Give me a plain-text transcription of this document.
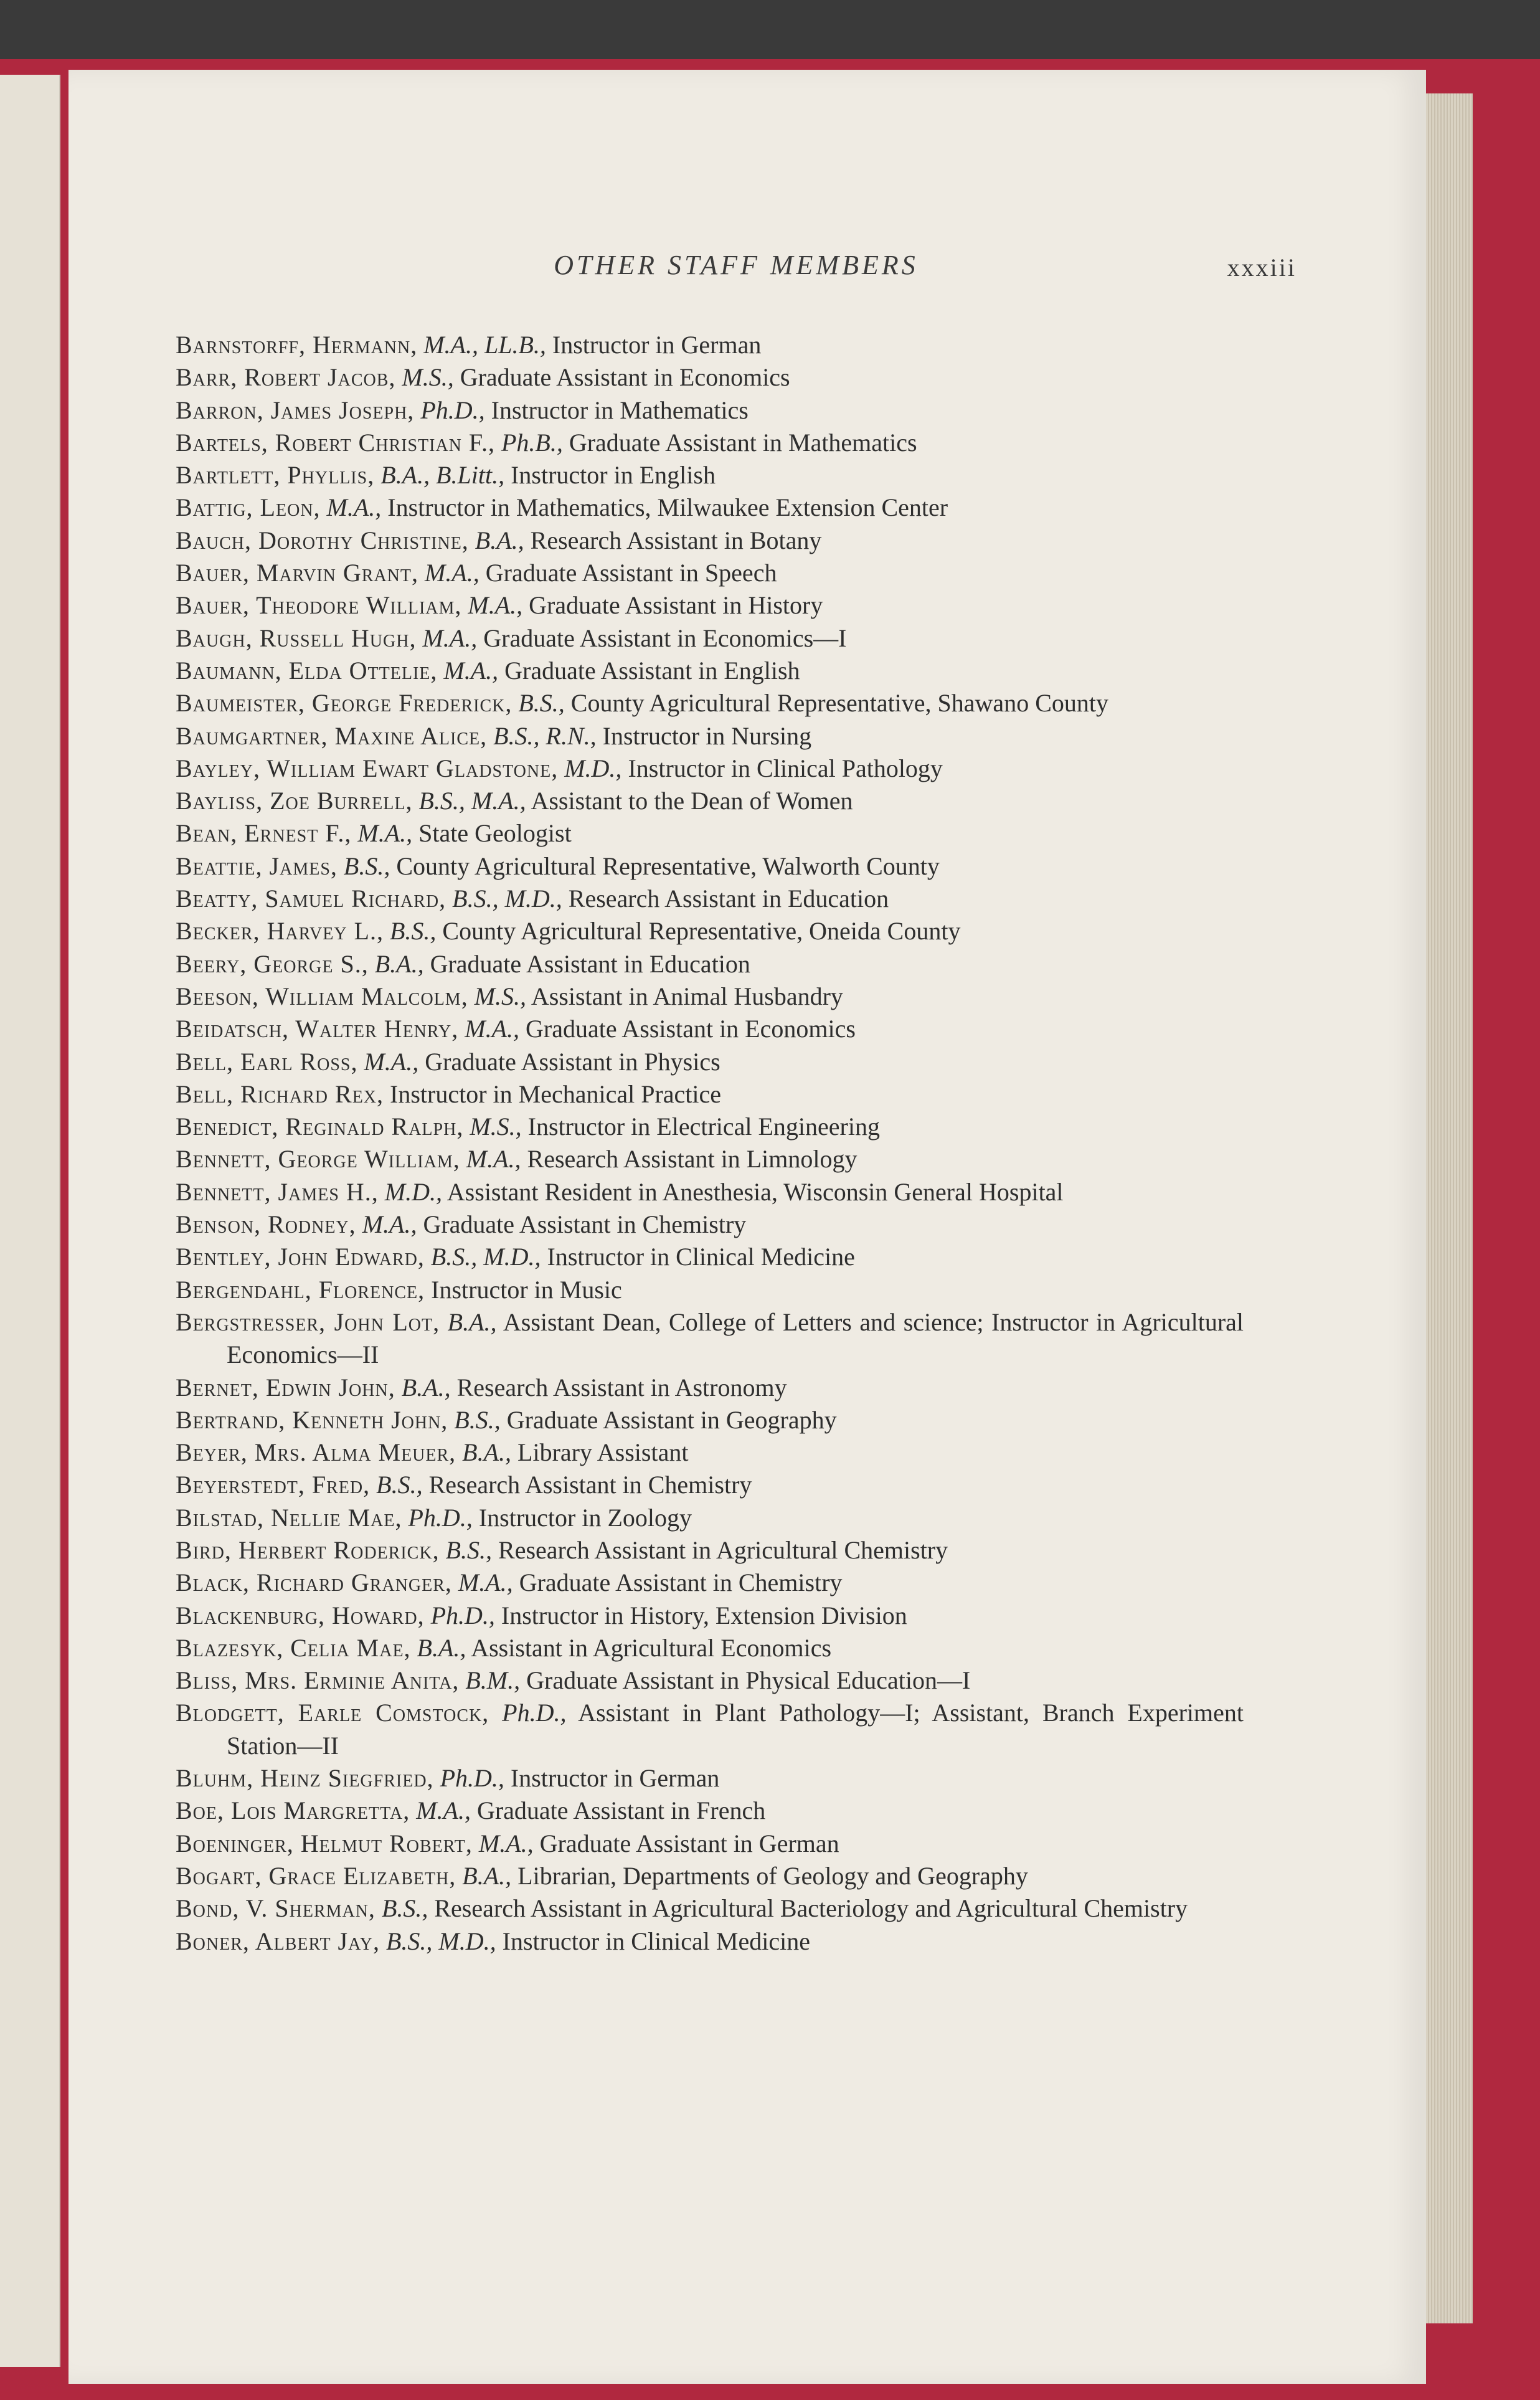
OTHER STAFF MEMBERS	xxxiii
Barnstorff, Hermann, M.A., LL.B., Instructor in German
Barr, Robert Jacob, M.S., Graduate Assistant in Economics
Barron, James Joseph, Ph.D., Instructor in Mathematics
Bartels, Robert Christian F., Ph.B., Graduate Assistant in Mathematics
Bartlett, Phyllis, B.A., B.Litt., Instructor in English
Battig, Leon, M.A., Instructor in Mathematics, Milwaukee Extension Center
Bauch, Dorothy Christine, B.A., Research Assistant in Botany
Bauer, Marvin Grant, M.A., Graduate Assistant in Speech
Bauer, Theodore William, M.A., Graduate Assistant in History
Baugh, Russell Hugh, M.A., Graduate Assistant in Economics—I
Baumann, Elda Ottelie, M.A., Graduate Assistant in English
Baumeister, George Frederick, B.S., County Agricultural Representative, Shawano County
Baumgartner, Maxine Alice, B.S., R.N., Instructor in Nursing
Bayley, William Ewart Gladstone, M.D., Instructor in Clinical Pathology
Bayliss, Zoe Burrell, B.S., M.A., Assistant to the Dean of Women
Bean, Ernest F., M.A., State Geologist
Beattie, James, B.S., County Agricultural Representative, Walworth County
Beatty, Samuel Richard, B.S., M.D., Research Assistant in Education
Becker, Harvey L., B.S., County Agricultural Representative, Oneida County
Beery, George S., B.A., Graduate Assistant in Education
Beeson, William Malcolm, M.S., Assistant in Animal Husbandry
Beidatsch, Walter Henry, M.A., Graduate Assistant in Economics
Bell, Earl Ross, M.A., Graduate Assistant in Physics
Bell, Richard Rex, Instructor in Mechanical Practice
Benedict, Reginald Ralph, M.S., Instructor in Electrical Engineering
Bennett, George William, M.A., Research Assistant in Limnology
Bennett, James H., M.D., Assistant Resident in Anesthesia, Wisconsin General Hospital
Benson, Rodney, M.A., Graduate Assistant in Chemistry
Bentley, John Edward, B.S., M.D., Instructor in Clinical Medicine
Bergendahl, Florence, Instructor in Music
Bergstresser, John Lot, B.A., Assistant Dean, College of Letters and science; Instructor in Agricultural Economics—II
Bernet, Edwin John, B.A., Research Assistant in Astronomy
Bertrand, Kenneth John, B.S., Graduate Assistant in Geography
Beyer, Mrs. Alma Meuer, B.A., Library Assistant
Beyerstedt, Fred, B.S., Research Assistant in Chemistry
Bilstad, Nellie Mae, Ph.D., Instructor in Zoology
Bird, Herbert Roderick, B.S., Research Assistant in Agricultural Chemistry
Black, Richard Granger, M.A., Graduate Assistant in Chemistry
Blackenburg, Howard, Ph.D., Instructor in History, Extension Division
Blazesyk, Celia Mae, B.A., Assistant in Agricultural Economics
Bliss, Mrs. Erminie Anita, B.M., Graduate Assistant in Physical Education—I
Blodgett, Earle Comstock, Ph.D., Assistant in Plant Pathology—I; Assistant, Branch Experiment Station—II
Bluhm, Heinz Siegfried, Ph.D., Instructor in German
Boe, Lois Margretta, M.A., Graduate Assistant in French
Boeninger, Helmut Robert, M.A., Graduate Assistant in German
Bogart, Grace Elizabeth, B.A., Librarian, Departments of Geology and Geography
Bond, V. Sherman, B.S., Research Assistant in Agricultural Bacteriology and Agricultural Chemistry
Boner, Albert Jay, B.S., M.D., Instructor in Clinical Medicine
